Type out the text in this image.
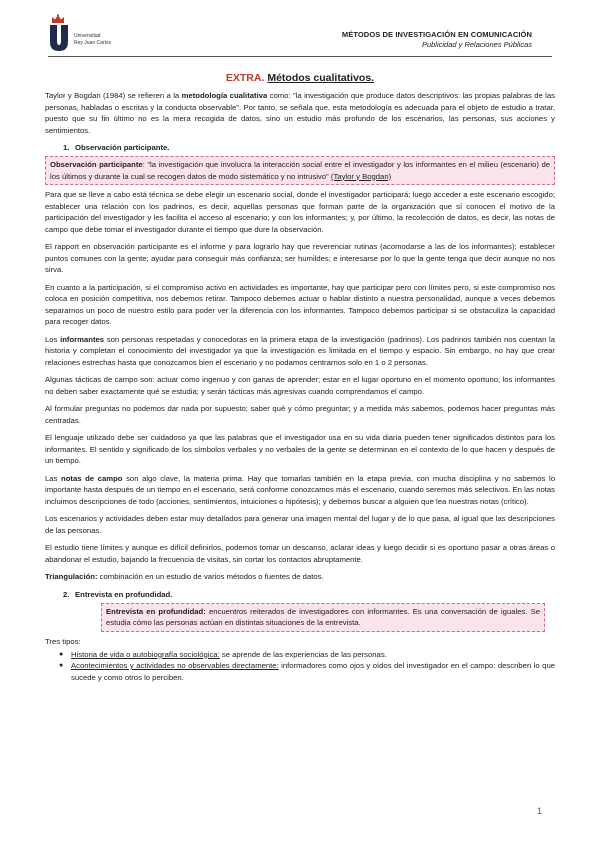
Universidad
Rey Juan Carlos
MÉTODOS DE INVESTIGACIÓN EN COMUNICACIÓN
Publicidad y Relaciones Públicas
EXTRA. Métodos cualitativos.

Taylor y Bogdan (1984) se refieren a la metodología cualitativa como: "la investigación que produce datos descriptivos: las propias palabras de las personas, habladas o escritas y la conducta observable". Por tanto, se señala que, esta metodología es adecuada para el objeto de estudio a tratar, puesto que su fin último no es la mera recogida de datos, sino un estudio más profundo de los escenarios, las personas, sus acciones y sentimientos.

1. Observación participante.
Observación participante: "la investigación que involucra la interacción social entre el investigador y los informantes en el milieu (escenario) de los últimos y durante la cual se recogen datos de modo sistemático y no intrusivo" (Taylor y Bogdan)

Para que se lleve a cabo está técnica se debe elegir un escenario social, donde el investigador participará; luego acceder a este escenario escogido; establecer una relación con los padrinos, es decir, aquellas personas que forman parte de la organización que sí conocen el motivo de la participación del investigador y les facilita el acceso al escenario; y con los informantes; y, por último, la recolección de datos, es decir, las notas de campo que debe tomar el investigador durante el tiempo que dure la observación.

El rapport en observación participante es el informe y para lograrlo hay que reverenciar rutinas (acomodarse a las de los informantes); establecer puntos comunes con la gente; ayudar para conseguir más confianza; ser humildes; e interesarse por lo que la gente tenga que decir aunque no nos sirva.

En cuanto a la participación, si el compromiso activo en actividades es importante, hay que participar pero con límites pero, si este compromiso nos coloca en posición competitiva, nos debemos retirar. Tampoco debemos actuar o hablar distinto a nuestra personalidad, aunque a veces debemos separarnos un poco de nuestro estilo para poder ver la diferencia con los informantes. Tampoco debemos participar si se obstaculiza la capacidad para recoger datos.

Los informantes son personas respetadas y conocedoras en la primera etapa de la investigación (padrinos). Los padrinos también nos cuentan la historia y completan el conocimiento del investigador ya que la investigación es limitada en el tiempo y espacio. Sin embargo, no hay que crear relaciones estrechas hasta que conozcamos bien el escenario y no podamos centrarnos solo en 1 o 2 personas.

Algunas tácticas de campo son: actuar como ingenuo y con ganas de aprender; estar en el lugar oportuno en el momento oportuno; los informantes no deben saber exactamente qué se estudia; y serán tácticas más agresivas cuando comprendamos el campo.

Al formular preguntas no podemos dar nada por supuesto; saber qué y cómo preguntar; y a medida más sabemos, podemos hacer preguntas más centradas.

El lenguaje utilizado debe ser cuidadoso ya que las palabras que el investigador usa en su vida diaria pueden tener significados distintos para los informantes. El sentido y significado de los símbolos verbales y no verbales de la gente se determinan en el contexto de lo que hacen y después de un tiempo.

Las notas de campo son algo clave, la materia prima. Hay que tomarlas también en la etapa previa, con mucha disciplina y no sabemos lo importante hasta después de un tiempo en el escenario, será conforme conozcamos más el escenario, cuando seremos más selectivos. En las notas incluimos descripciones de todo (acciones, sentimientos, intuiciones o hipótesis); y debemos buscar a alguien que lea nuestras notas (crítico).

Los escenarios y actividades deben estar muy detallados para generar una imagen mental del lugar y de lo que pasa, al igual que las descripciones de las personas.

El estudio tiene límites y aunque es difícil definirlos, podemos tomar un descanso, aclarar ideas y luego decidir si es oportuno pasar a otras áreas o abandonar el estudio, bajando la frecuencia de visitas, sin cortar los contactos abruptamente.

Triangulación: combinación en un estudio de varios métodos o fuentes de datos.

2. Entrevista en profundidad.
Entrevista en profundidad: encuentros reiterados de investigadores con informantes. Es una conversación de iguales. Se estudia cómo las personas actúan en distintas situaciones de la entrevista.
Tres tipos:
● Historia de vida o autobiografía sociológica: se aprende de las experiencias de las personas.
● Acontecimientos y actividades no observables directamente: informadores como ojos y oídos del investigador en el campo: describen lo que sucede y como otros lo perciben.
1
